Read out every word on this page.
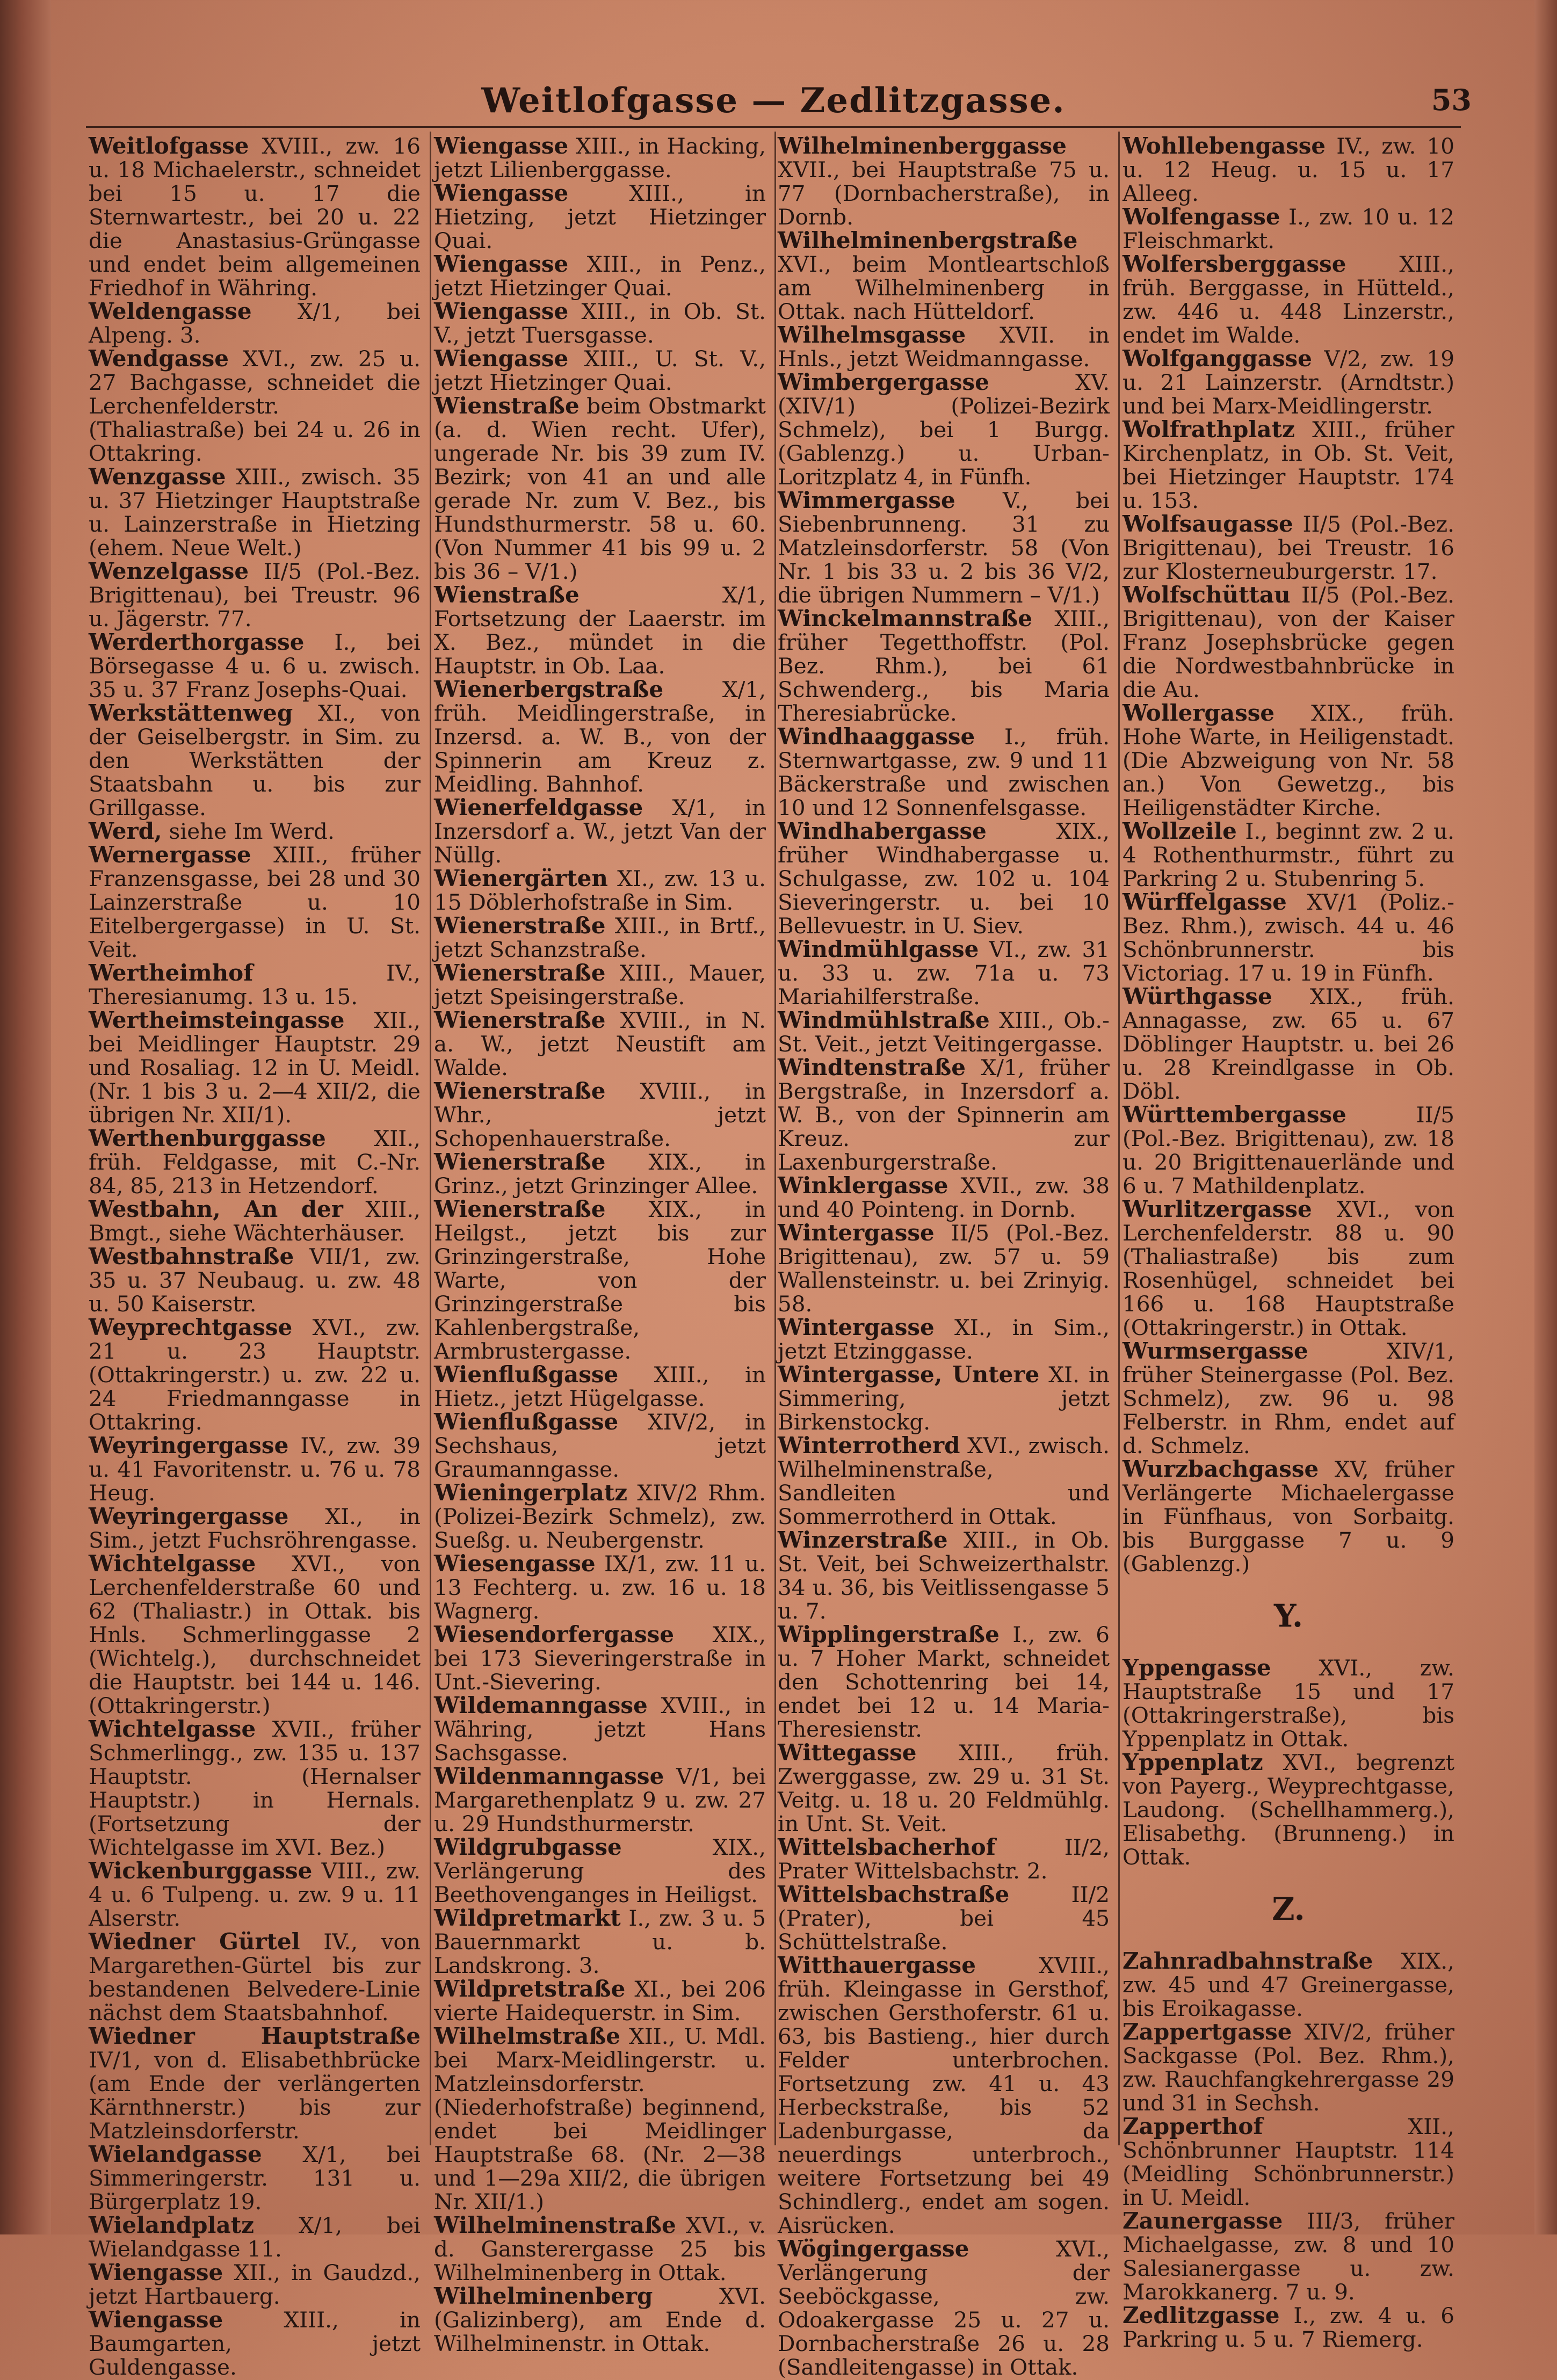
Weitlofgasse — Zedlitzgasse.	53

Weitlofgasse XVIII., zw. 16 u. 18 Michaelerstr., schneidet bei 15 u. 17 die Sternwartestr., bei 20 u. 22 die Anastasius-Grüngasse und endet beim allgemeinen Friedhof in Währing.

Weldengasse X/1, bei Alpeng. 3.

Wendgasse XVI., zw. 25 u. 27 Bachgasse, schneidet die Lerchenfelderstr. (Thaliastraße) bei 24 u. 26 in Ottakring.

Wenzgasse XIII., zwisch. 35 u. 37 Hietzinger Hauptstraße u. Lainzerstraße in Hietzing (ehem. Neue Welt.)

Wenzelgasse II/5 (Pol.-Bez. Brigittenau), bei Treustr. 96 u. Jägerstr. 77.

Werderthorgasse I., bei Börsegasse 4 u. 6 u. zwisch. 35 u. 37 Franz Josephs-Quai.

Werkstättenweg XI., von der Geiselbergstr. in Sim. zu den Werkstätten der Staatsbahn u. bis zur Grillgasse.

Werd, siehe Im Werd.

Wernergasse XIII., früher Franzensgasse, bei 28 und 30 Lainzerstraße u. 10 Eitelbergergasse) in U. St. Veit.

Wertheimhof IV., Theresianumg. 13 u. 15.

Wertheimsteingasse XII., bei Meidlinger Hauptstr. 29 und Rosaliag. 12 in U. Meidl. (Nr. 1 bis 3 u. 2—4 XII/2, die übrigen Nr. XII/1).

Werthenburggasse XII., früh. Feldgasse, mit C.-Nr. 84, 85, 213 in Hetzendorf.

Westbahn, An der XIII., Bmgt., siehe Wächterhäuser.

Westbahnstraße VII/1, zw. 35 u. 37 Neubaug. u. zw. 48 u. 50 Kaiserstr.

Weyprechtgasse XVI., zw. 21 u. 23 Hauptstr. (Ottakringerstr.) u. zw. 22 u. 24 Friedmanngasse in Ottakring.

Weyringergasse IV., zw. 39 u. 41 Favoritenstr. u. 76 u. 78 Heug.

Weyringergasse XI., in Sim., jetzt Fuchsröhrengasse.

Wichtelgasse XVI., von Lerchenfelderstraße 60 und 62 (Thaliastr.) in Ottak. bis Hnls. Schmerlinggasse 2 (Wichtelg.), durchschneidet die Hauptstr. bei 144 u. 146. (Ottakringerstr.)

Wichtelgasse XVII., früher Schmerlingg., zw. 135 u. 137 Hauptstr. (Hernalser Hauptstr.) in Hernals. (Fortsetzung der Wichtelgasse im XVI. Bez.)

Wickenburggasse VIII., zw. 4 u. 6 Tulpeng. u. zw. 9 u. 11 Alserstr.

Wiedner Gürtel IV., von Margarethen-Gürtel bis zur bestandenen Belvedere-Linie nächst dem Staatsbahnhof.

Wiedner Hauptstraße IV/1, von d. Elisabethbrücke (am Ende der verlängerten Kärnthnerstr.) bis zur Matzleinsdorferstr.

Wielandgasse X/1, bei Simmeringerstr. 131 u. Bürgerplatz 19.

Wielandplatz X/1, bei Wielandgasse 11.

Wiengasse XII., in Gaudzd., jetzt Hartbauerg.

Wiengasse XIII., in Baumgarten, jetzt Guldengasse.

Wiengasse XIII., in Hacking, jetzt Lilienberggasse.

Wiengasse XIII., in Hietzing, jetzt Hietzinger Quai.

Wiengasse XIII., in Penz., jetzt Hietzinger Quai.

Wiengasse XIII., in Ob. St. V., jetzt Tuersgasse.

Wiengasse XIII., U. St. V., jetzt Hietzinger Quai.

Wienstraße beim Obstmarkt (a. d. Wien recht. Ufer), ungerade Nr. bis 39 zum IV. Bezirk; von 41 an und alle gerade Nr. zum V. Bez., bis Hundsthurmerstr. 58 u. 60. (Von Nummer 41 bis 99 u. 2 bis 36 – V/1.)

Wienstraße X/1, Fortsetzung der Laaerstr. im X. Bez., mündet in die Hauptstr. in Ob. Laa.

Wienerbergstraße X/1, früh. Meidlingerstraße, in Inzersd. a. W. B., von der Spinnerin am Kreuz z. Meidling. Bahnhof.

Wienerfeldgasse X/1, in Inzersdorf a. W., jetzt Van der Nüllg.

Wienergärten XI., zw. 13 u. 15 Döblerhofstraße in Sim.

Wienerstraße XIII., in Brtf., jetzt Schanzstraße.

Wienerstraße XIII., Mauer, jetzt Speisingerstraße.

Wienerstraße XVIII., in N. a. W., jetzt Neustift am Walde.

Wienerstraße XVIII., in Whr., jetzt Schopenhauerstraße.

Wienerstraße XIX., in Grinz., jetzt Grinzinger Allee.

Wienerstraße XIX., in Heilgst., jetzt bis zur Grinzingerstraße, Hohe Warte, von der Grinzingerstraße bis Kahlenbergstraße, Armbrustergasse.

Wienflußgasse XIII., in Hietz., jetzt Hügelgasse.

Wienflußgasse XIV/2, in Sechshaus, jetzt Graumanngasse.

Wieningerplatz XIV/2 Rhm. (Polizei-Bezirk Schmelz), zw. Sueßg. u. Neubergenstr.

Wiesengasse IX/1, zw. 11 u. 13 Fechterg. u. zw. 16 u. 18 Wagnerg.

Wiesendorfergasse XIX., bei 173 Sieveringerstraße in Unt.-Sievering.

Wildemanngasse XVIII., in Währing, jetzt Hans Sachsgasse.

Wildenmanngasse V/1, bei Margarethenplatz 9 u. zw. 27 u. 29 Hundsthurmerstr.

Wildgrubgasse XIX., Verlängerung des Beethovenganges in Heiligst.

Wildpretmarkt I., zw. 3 u. 5 Bauernmarkt u. b. Landskrong. 3.

Wildpretstraße XI., bei 206 vierte Haidequerstr. in Sim.

Wilhelmstraße XII., U. Mdl. bei Marx-Meidlingerstr. u. Matzleinsdorferstr. (Niederhofstraße) beginnend, endet bei Meidlinger Hauptstraße 68. (Nr. 2—38 und 1—29a XII/2, die übrigen Nr. XII/1.)

Wilhelminenstraße XVI., v. d. Gansterergasse 25 bis Wilhelminenberg in Ottak.

Wilhelminenberg XVI. (Galizinberg), am Ende d. Wilhelminenstr. in Ottak.

Wilhelminenberggasse XVII., bei Hauptstraße 75 u. 77 (Dornbacherstraße), in Dornb.

Wilhelminenbergstraße XVI., beim Montleartschloß am Wilhelminenberg in Ottak. nach Hütteldorf.

Wilhelmsgasse XVII. in Hnls., jetzt Weidmanngasse.

Wimbergergasse XV. (XIV/1) (Polizei-Bezirk Schmelz), bei 1 Burgg. (Gablenzg.) u. Urban-Loritzplatz 4, in Fünfh.

Wimmergasse V., bei Siebenbrunneng. 31 zu Matzleinsdorferstr. 58 (Von Nr. 1 bis 33 u. 2 bis 36 V/2, die übrigen Nummern – V/1.)

Winckelmannstraße XIII., früher Tegetthoffstr. (Pol. Bez. Rhm.), bei 61 Schwenderg., bis Maria Theresiabrücke.

Windhaaggasse I., früh. Sternwartgasse, zw. 9 und 11 Bäckerstraße und zwischen 10 und 12 Sonnenfelsgasse.

Windhabergasse XIX., früher Windhabergasse u. Schulgasse, zw. 102 u. 104 Sieveringerstr. u. bei 10 Bellevuestr. in U. Siev.

Windmühlgasse VI., zw. 31 u. 33 u. zw. 71a u. 73 Mariahilferstraße.

Windmühlstraße XIII., Ob.-St. Veit., jetzt Veitingergasse.

Windtenstraße X/1, früher Bergstraße, in Inzersdorf a. W. B., von der Spinnerin am Kreuz. zur Laxenburgerstraße.

Winklergasse XVII., zw. 38 und 40 Pointeng. in Dornb.

Wintergasse II/5 (Pol.-Bez. Brigittenau), zw. 57 u. 59 Wallensteinstr. u. bei Zrinyig. 58.

Wintergasse XI., in Sim., jetzt Etzinggasse.

Wintergasse, Untere XI. in Simmering, jetzt Birkenstockg.

Winterrotherd XVI., zwisch. Wilhelminenstraße, Sandleiten und Sommerrotherd in Ottak.

Winzerstraße XIII., in Ob. St. Veit, bei Schweizerthalstr. 34 u. 36, bis Veitlissengasse 5 u. 7.

Wipplingerstraße I., zw. 6 u. 7 Hoher Markt, schneidet den Schottenring bei 14, endet bei 12 u. 14 Maria-Theresienstr.

Wittegasse XIII., früh. Zwerggasse, zw. 29 u. 31 St. Veitg. u. 18 u. 20 Feldmühlg. in Unt. St. Veit.

Wittelsbacherhof II/2, Prater Wittelsbachstr. 2.

Wittelsbachstraße II/2 (Prater), bei 45 Schüttelstraße.

Witthauergasse XVIII., früh. Kleingasse in Gersthof, zwischen Gersthoferstr. 61 u. 63, bis Bastieng., hier durch Felder unterbrochen. Fortsetzung zw. 41 u. 43 Herbeckstraße, bis 52 Ladenburgasse, da neuerdings unterbroch., weitere Fortsetzung bei 49 Schindlerg., endet am sogen. Aisrücken.

Wögingergasse XVI., Verlängerung der Seeböckgasse, zw. Odoakergasse 25 u. 27 u. Dornbacherstraße 26 u. 28 (Sandleitengasse) in Ottak.

Wohllebengasse IV., zw. 10 u. 12 Heug. u. 15 u. 17 Alleeg.

Wolfengasse I., zw. 10 u. 12 Fleischmarkt.

Wolfersberggasse XIII., früh. Berggasse, in Hütteld., zw. 446 u. 448 Linzerstr., endet im Walde.

Wolfganggasse V/2, zw. 19 u. 21 Lainzerstr. (Arndtstr.) und bei Marx-Meidlingerstr.

Wolfrathplatz XIII., früher Kirchenplatz, in Ob. St. Veit, bei Hietzinger Hauptstr. 174 u. 153.

Wolfsaugasse II/5 (Pol.-Bez. Brigittenau), bei Treustr. 16 zur Klosterneuburgerstr. 17.

Wolfschüttau II/5 (Pol.-Bez. Brigittenau), von der Kaiser Franz Josephsbrücke gegen die Nordwestbahnbrücke in die Au.

Wollergasse XIX., früh. Hohe Warte, in Heiligenstadt. (Die Abzweigung von Nr. 58 an.) Von Gewetzg., bis Heiligenstädter Kirche.

Wollzeile I., beginnt zw. 2 u. 4 Rothenthurmstr., führt zu Parkring 2 u. Stubenring 5.

Würffelgasse XV/1 (Poliz.-Bez. Rhm.), zwisch. 44 u. 46 Schönbrunnerstr. bis Victoriag. 17 u. 19 in Fünfh.

Würthgasse XIX., früh. Annagasse, zw. 65 u. 67 Döblinger Hauptstr. u. bei 26 u. 28 Kreindlgasse in Ob. Döbl.

Württembergasse II/5 (Pol.-Bez. Brigittenau), zw. 18 u. 20 Brigittenauerlände und 6 u. 7 Mathildenplatz.

Wurlitzergasse XVI., von Lerchenfelderstr. 88 u. 90 (Thaliastraße) bis zum Rosenhügel, schneidet bei 166 u. 168 Hauptstraße (Ottakringerstr.) in Ottak.

Wurmsergasse XIV/1, früher Steinergasse (Pol. Bez. Schmelz), zw. 96 u. 98 Felberstr. in Rhm, endet auf d. Schmelz.

Wurzbachgasse XV, früher Verlängerte Michaelergasse in Fünfhaus, von Sorbaitg. bis Burggasse 7 u. 9 (Gablenzg.)

Y.

Yppengasse XVI., zw. Hauptstraße 15 und 17 (Ottakringerstraße), bis Yppenplatz in Ottak.

Yppenplatz XVI., begrenzt von Payerg., Weyprechtgasse, Laudong. (Schellhammerg.), Elisabethg. (Brunneng.) in Ottak.

Z.

Zahnradbahnstraße XIX., zw. 45 und 47 Greinergasse, bis Eroikagasse.

Zappertgasse XIV/2, früher Sackgasse (Pol. Bez. Rhm.), zw. Rauchfangkehrergasse 29 und 31 in Sechsh.

Zapperthof XII., Schönbrunner Hauptstr. 114 (Meidling Schönbrunnerstr.) in U. Meidl.

Zaunergasse III/3, früher Michaelgasse, zw. 8 und 10 Salesianergasse u. zw. Marokkanerg. 7 u. 9.

Zedlitzgasse I., zw. 4 u. 6 Parkring u. 5 u. 7 Riemerg.
